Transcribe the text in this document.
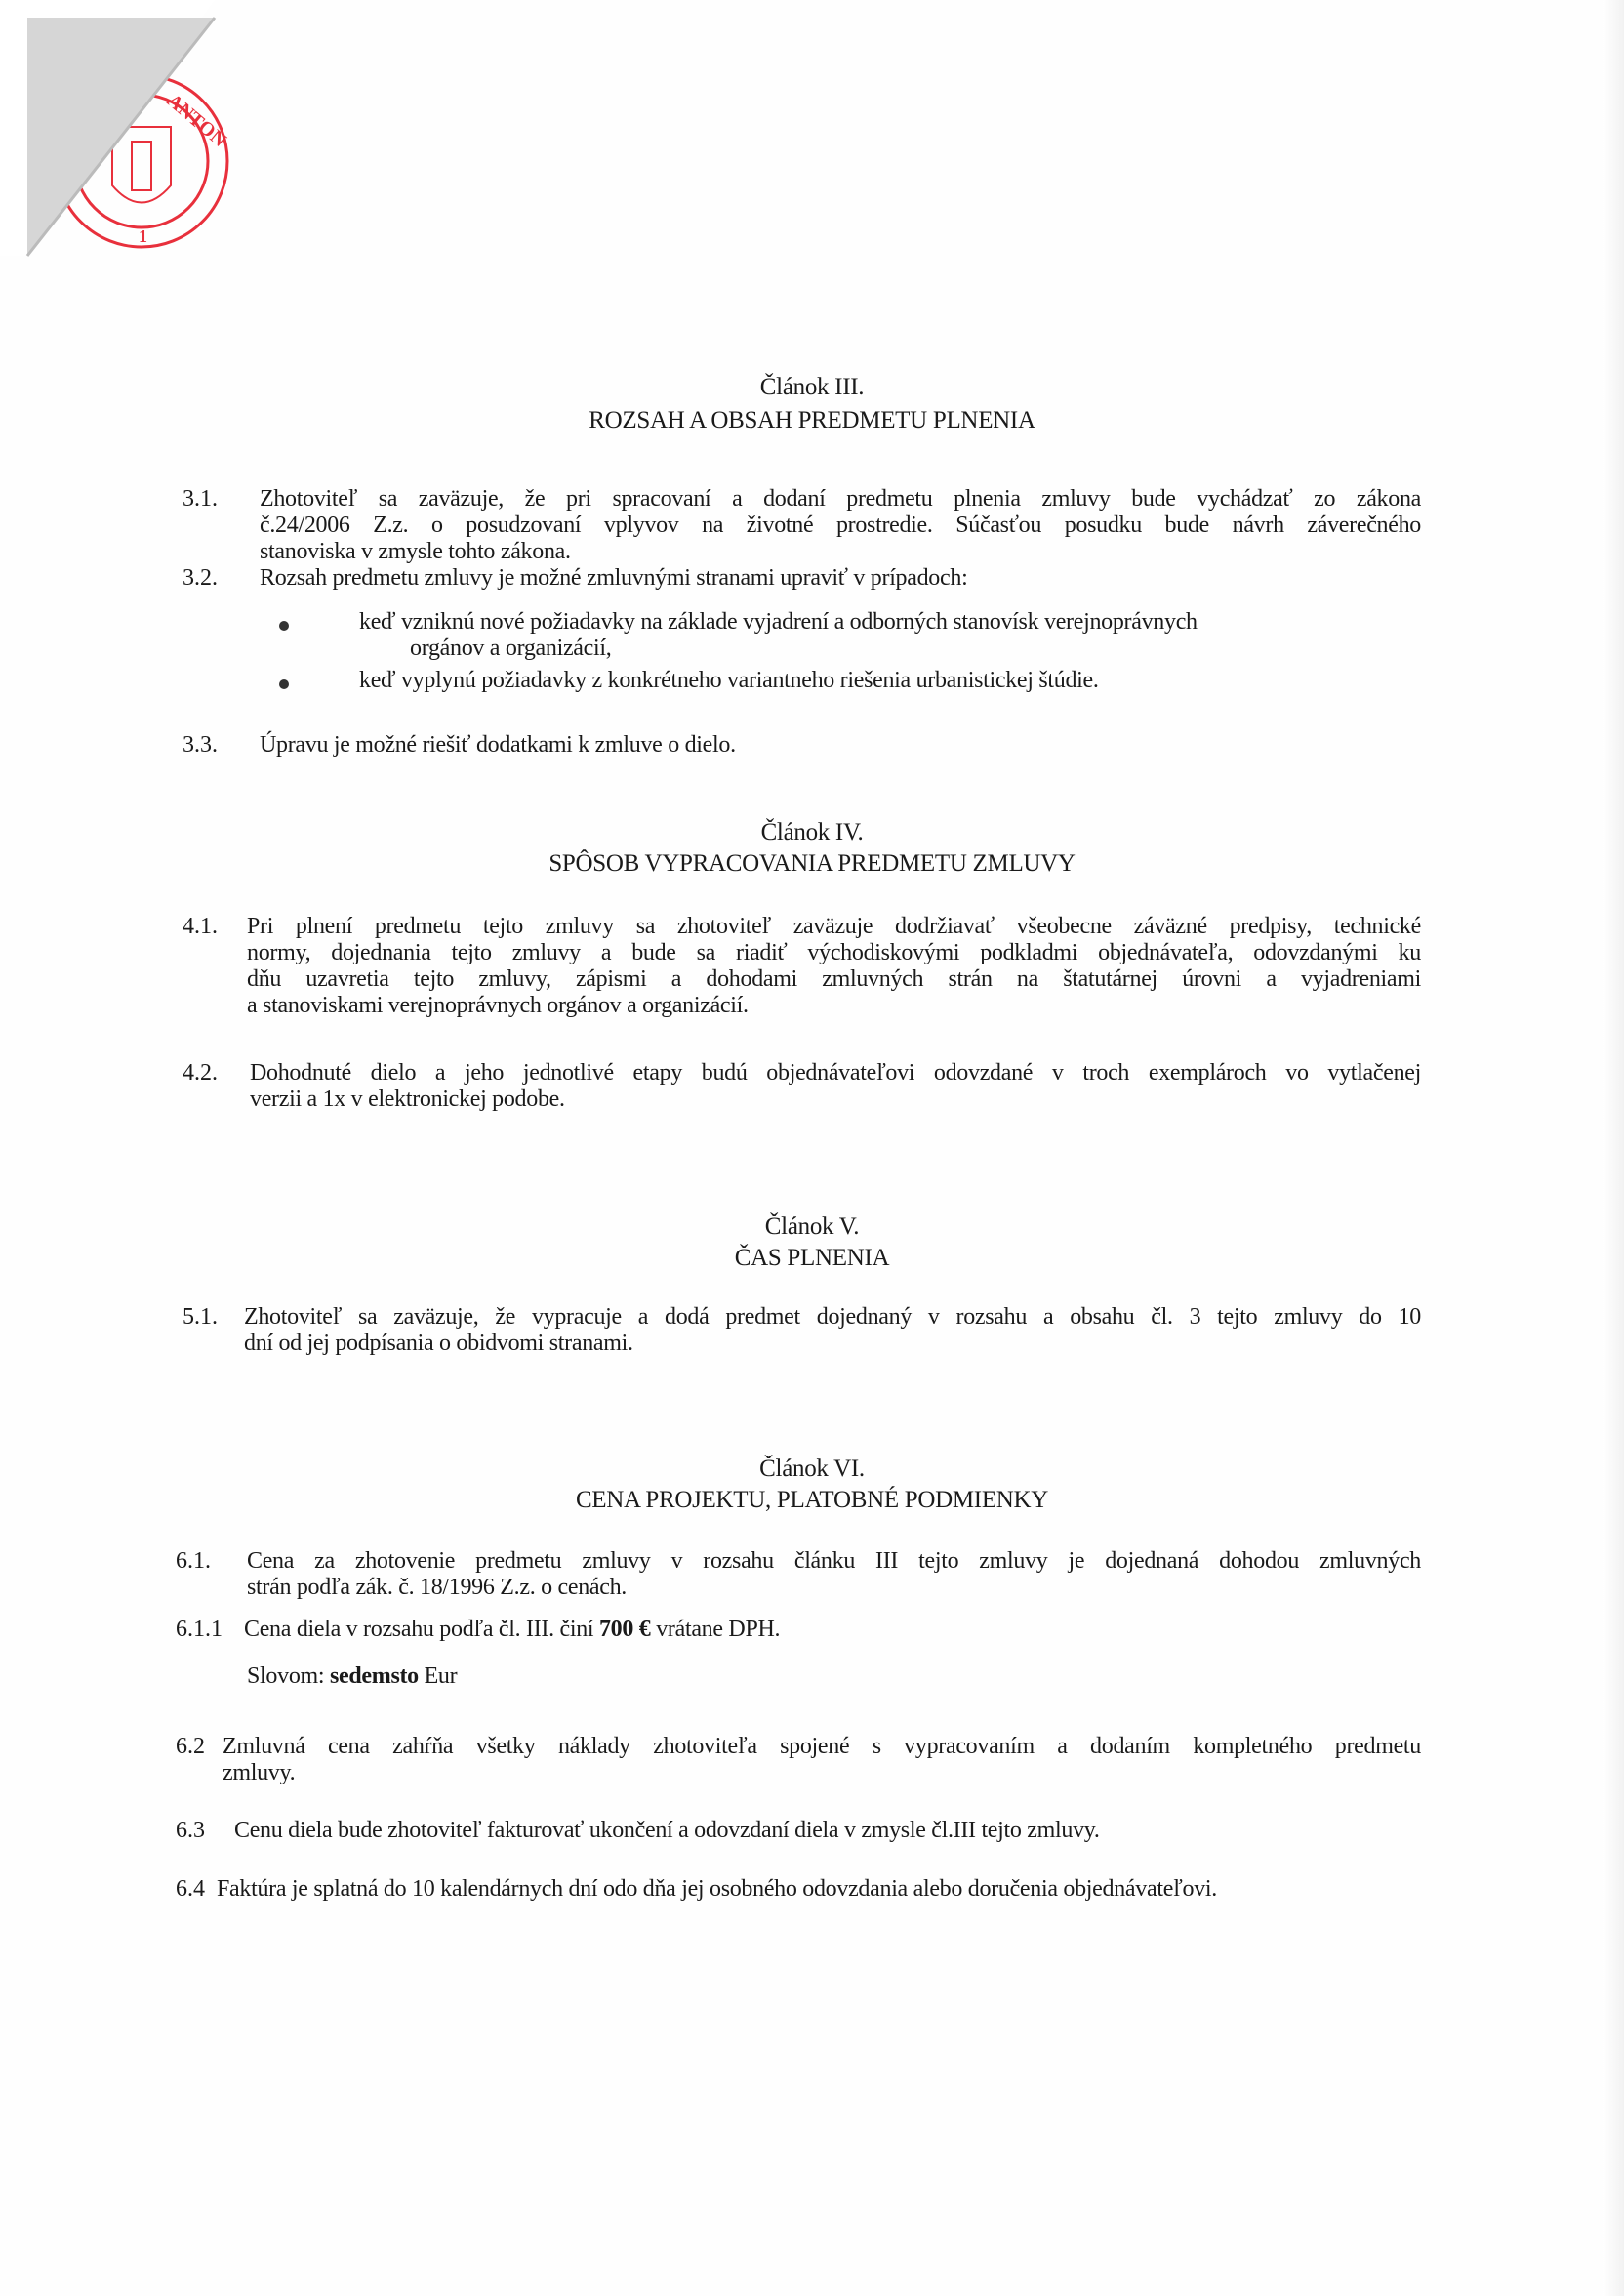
ANTON
1
Článok III.
ROZSAH A OBSAH PREDMETU PLNENIA
3.1. Zhotoviteľ sa zaväzuje, že pri spracovaní a dodaní predmetu plnenia zmluvy bude vychádzať zo zákona
č.24/2006 Z.z. o posudzovaní vplyvov na životné prostredie. Súčasťou posudku bude návrh záverečného
stanoviska v zmysle tohto zákona.
3.2. Rozsah predmetu zmluvy je možné zmluvnými stranami upraviť v prípadoch:
keď vzniknú nové požiadavky na základe vyjadrení a odborných stanovísk verejnoprávnych
orgánov a organizácií,
keď vyplynú požiadavky z konkrétneho variantneho riešenia urbanistickej štúdie.
3.3. Úpravu je možné riešiť dodatkami k zmluve o dielo.
Článok IV.
SPÔSOB VYPRACOVANIA PREDMETU ZMLUVY
4.1. Pri plnení predmetu tejto zmluvy sa zhotoviteľ zaväzuje dodržiavať všeobecne záväzné predpisy, technické
normy, dojednania tejto zmluvy a bude sa riadiť východiskovými podkladmi objednávateľa, odovzdanými ku
dňu uzavretia tejto zmluvy, zápismi a dohodami zmluvných strán na štatutárnej úrovni a vyjadreniami
a stanoviskami verejnoprávnych orgánov a organizácií.
4.2. Dohodnuté dielo a jeho jednotlivé etapy budú objednávateľovi odovzdané v troch exemplároch vo vytlačenej
verzii a 1x v elektronickej podobe.
Článok V.
ČAS PLNENIA
5.1. Zhotoviteľ sa zaväzuje, že vypracuje a dodá predmet dojednaný v rozsahu a obsahu čl. 3 tejto zmluvy do 10
dní od jej podpísania o obidvomi stranami.
Článok VI.
CENA PROJEKTU, PLATOBNÉ PODMIENKY
6.1. Cena za zhotovenie predmetu zmluvy v rozsahu článku III tejto zmluvy je dojednaná dohodou zmluvných
strán podľa zák. č. 18/1996 Z.z. o cenách.
6.1.1 Cena diela v rozsahu podľa čl. III. činí 700 € vrátane DPH.
Slovom: sedemsto Eur
6.2 Zmluvná cena zahŕňa všetky náklady zhotoviteľa spojené s vypracovaním a dodaním kompletného predmetu
zmluvy.
6.3 Cenu diela bude zhotoviteľ fakturovať ukončení a odovzdaní diela v zmysle čl.III tejto zmluvy.
6.4 Faktúra je splatná do 10 kalendárnych dní odo dňa jej osobného odovzdania alebo doručenia objednávateľovi.
